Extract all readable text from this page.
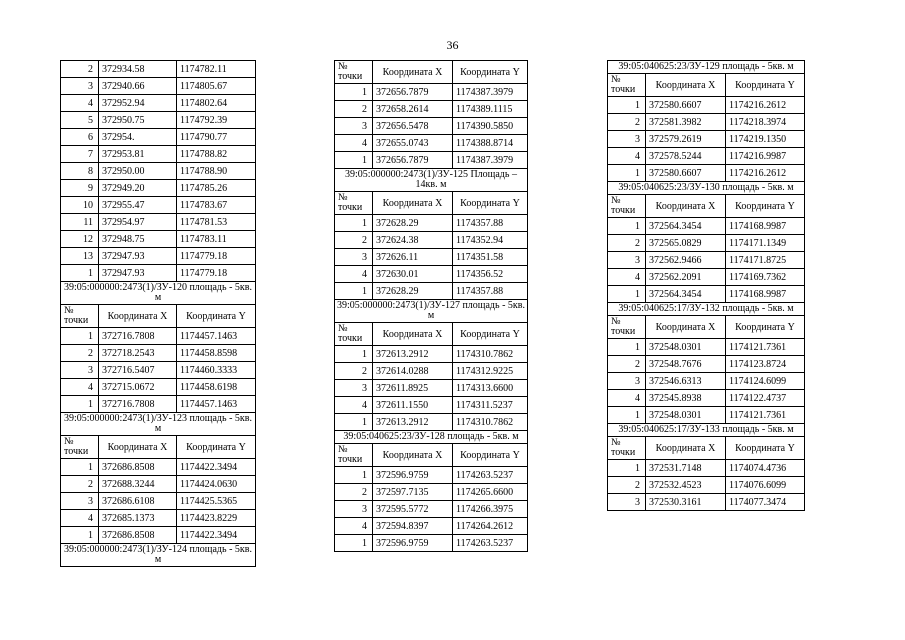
36
2	372934.58	1174782.11
3	372940.66	1174805.67
4	372952.94	1174802.64
5	372950.75	1174792.39
6	372954.	1174790.77
7	372953.81	1174788.82
8	372950.00	1174788.90
9	372949.20	1174785.26
10	372955.47	1174783.67
11	372954.97	1174781.53
12	372948.75	1174783.11
13	372947.93	1174779.18
1	372947.93	1174779.18
39:05:000000:2473(1)/ЗУ-120 площадь - 5кв. м		
№ точки	Координата X	Координата Y
1	372716.7808	1174457.1463
2	372718.2543	1174458.8598
3	372716.5407	1174460.3333
4	372715.0672	1174458.6198
1	372716.7808	1174457.1463
39:05:000000:2473(1)/ЗУ-123 площадь - 5кв. м		
№ точки	Координата X	Координата Y
1	372686.8508	1174422.3494
2	372688.3244	1174424.0630
3	372686.6108	1174425.5365
4	372685.1373	1174423.8229
1	372686.8508	1174422.3494
39:05:000000:2473(1)/ЗУ-124 площадь - 5кв. м		
№ точки	Координата X	Координата Y
1	372656.7879	1174387.3979
2	372658.2614	1174389.1115
3	372656.5478	1174390.5850
4	372655.0743	1174388.8714
1	372656.7879	1174387.3979
39:05:000000:2473(1)/ЗУ-125 Площадь – 14кв. м		
№ точки	Координата X	Координата Y
1	372628.29	1174357.88
2	372624.38	1174352.94
3	372626.11	1174351.58
4	372630.01	1174356.52
1	372628.29	1174357.88
39:05:000000:2473(1)/ЗУ-127 площадь - 5кв. м		
№ точки	Координата X	Координата Y
1	372613.2912	1174310.7862
2	372614.0288	1174312.9225
3	372611.8925	1174313.6600
4	372611.1550	1174311.5237
1	372613.2912	1174310.7862
39:05:040625:23/ЗУ-128 площадь - 5кв. м		
№ точки	Координата X	Координата Y
1	372596.9759	1174263.5237
2	372597.7135	1174265.6600
3	372595.5772	1174266.3975
4	372594.8397	1174264.2612
1	372596.9759	1174263.5237
39:05:040625:23/ЗУ-129 площадь - 5кв. м		
№ точки	Координата X	Координата Y
1	372580.6607	1174216.2612
2	372581.3982	1174218.3974
3	372579.2619	1174219.1350
4	372578.5244	1174216.9987
1	372580.6607	1174216.2612
39:05:040625:23/ЗУ-130 площадь - 5кв. м		
№ точки	Координата X	Координата Y
1	372564.3454	1174168.9987
2	372565.0829	1174171.1349
3	372562.9466	1174171.8725
4	372562.2091	1174169.7362
1	372564.3454	1174168.9987
39:05:040625:17/ЗУ-132 площадь - 5кв. м		
№ точки	Координата X	Координата Y
1	372548.0301	1174121.7361
2	372548.7676	1174123.8724
3	372546.6313	1174124.6099
4	372545.8938	1174122.4737
1	372548.0301	1174121.7361
39:05:040625:17/ЗУ-133 площадь - 5кв. м		
№ точки	Координата X	Координата Y
1	372531.7148	1174074.4736
2	372532.4523	1174076.6099
3	372530.3161	1174077.3474
